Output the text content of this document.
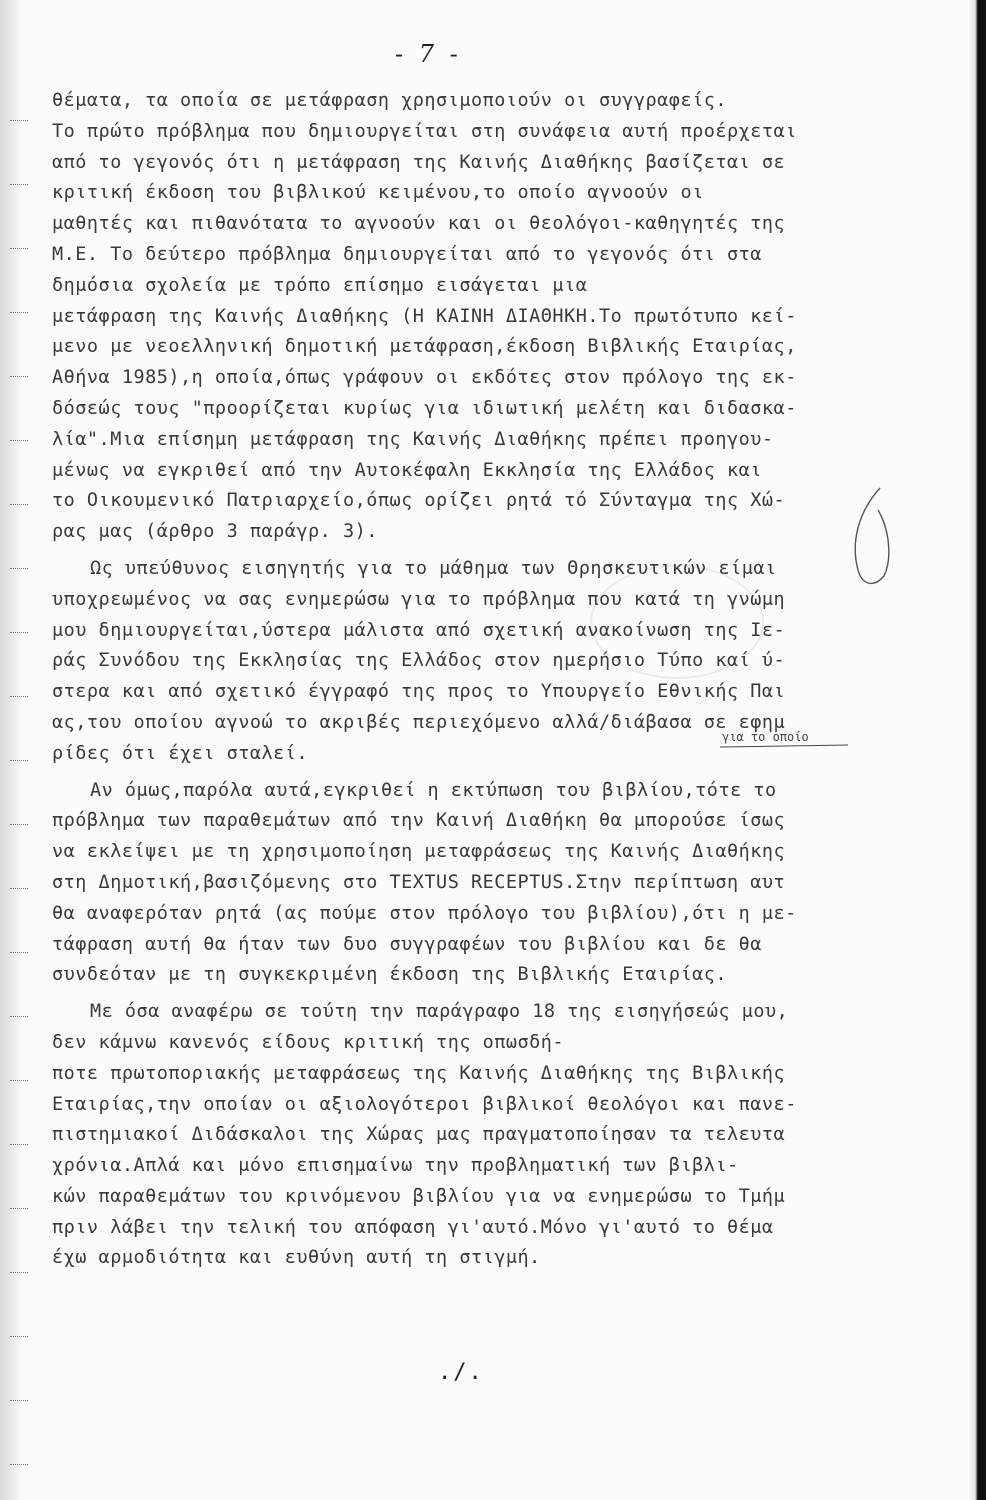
- 7 -
θέματα, τα οποία σε μετάφραση χρησιμοποιούν οι συγγραφείς.
Το πρώτο πρόβλημα που δημιουργείται στη συνάφεια αυτή προέρχεται
από το γεγονός ότι η μετάφραση της Καινής Διαθήκης βασίζεται σε
κριτική έκδοση του βιβλικού κειμένου,το οποίο αγνοούν οι
μαθητές και πιθανότατα το αγνοούν και οι θεολόγοι-καθηγητές της
Μ.Ε. Το δεύτερο πρόβλημα δημιουργείται από το γεγονός ότι στα
δημόσια σχολεία με τρόπο επίσημο εισάγεται μια
μετάφραση της Καινής Διαθήκης (Η ΚΑΙΝΗ ΔΙΑΘΗΚΗ.Το πρωτότυπο κεί-
μενο με νεοελληνική δημοτική μετάφραση,έκδοση Βιβλικής Εταιρίας,
Αθήνα 1985),η οποία,όπως γράφουν οι εκδότες στον πρόλογο της εκ-
δόσεώς τους "προορίζεται κυρίως για ιδιωτική μελέτη και διδασκα-
λία".Μια επίσημη μετάφραση της Καινής Διαθήκης πρέπει προηγου-
μένως να εγκριθεί από την Αυτοκέφαλη Εκκλησία της Ελλάδος και
το Οικουμενικό Πατριαρχείο,όπως ορίζει ρητά τό Σύνταγμα της Χώ-
ρας μας (άρθρο 3 παράγρ. 3).
Ως υπεύθυνος εισηγητής για το μάθημα των Θρησκευτικών είμαι
υποχρεωμένος να σας ενημερώσω για το πρόβλημα που κατά τη γνώμη
μου δημιουργείται,ύστερα μάλιστα από σχετική ανακοίνωση της Ιε-
ράς Συνόδου της Εκκλησίας της Ελλάδος στον ημερήσιο Τύπο καί ύ-
στερα και από σχετικό έγγραφό της προς το Υπουργείο Εθνικής Παι
ας,του οποίου αγνοώ το ακριβές περιεχόμενο αλλά/διάβασα σε εφημ
ρίδες ότι έχει σταλεί.
Αν όμως,παρόλα αυτά,εγκριθεί η εκτύπωση του βιβλίου,τότε το
πρόβλημα των παραθεμάτων από την Καινή Διαθήκη θα μπορούσε ίσως
να εκλείψει με τη χρησιμοποίηση μεταφράσεως της Καινής Διαθήκης
στη Δημοτική,βασιζόμενης στο TEXTUS RECEPTUS.Στην περίπτωση αυτ
θα αναφερόταν ρητά (ας πούμε στον πρόλογο του βιβλίου),ότι η με-
τάφραση αυτή θα ήταν των δυο συγγραφέων του βιβλίου και δε θα
συνδεόταν με τη συγκεκριμένη έκδοση της Βιβλικής Εταιρίας.
Με όσα αναφέρω σε τούτη την παράγραφο 18 της εισηγήσεώς μου,
δεν κάμνω κανενός είδους κριτική της οπωσδή-
ποτε πρωτοποριακής μεταφράσεως της Καινής Διαθήκης της Βιβλικής
Εταιρίας,την οποίαν οι αξιολογότεροι βιβλικοί θεολόγοι και πανε-
πιστημιακοί Διδάσκαλοι της Χώρας μας πραγματοποίησαν τα τελευτα
χρόνια.Απλά και μόνο επισημαίνω την προβληματική των βιβλι-
κών παραθεμάτων του κρινόμενου βιβλίου για να ενημερώσω το Τμήμ
πριν λάβει την τελική του απόφαση γι'αυτό.Μόνο γι'αυτό το θέμα
έχω αρμοδιότητα και ευθύνη αυτή τη στιγμή.
για το οποίο
./.
